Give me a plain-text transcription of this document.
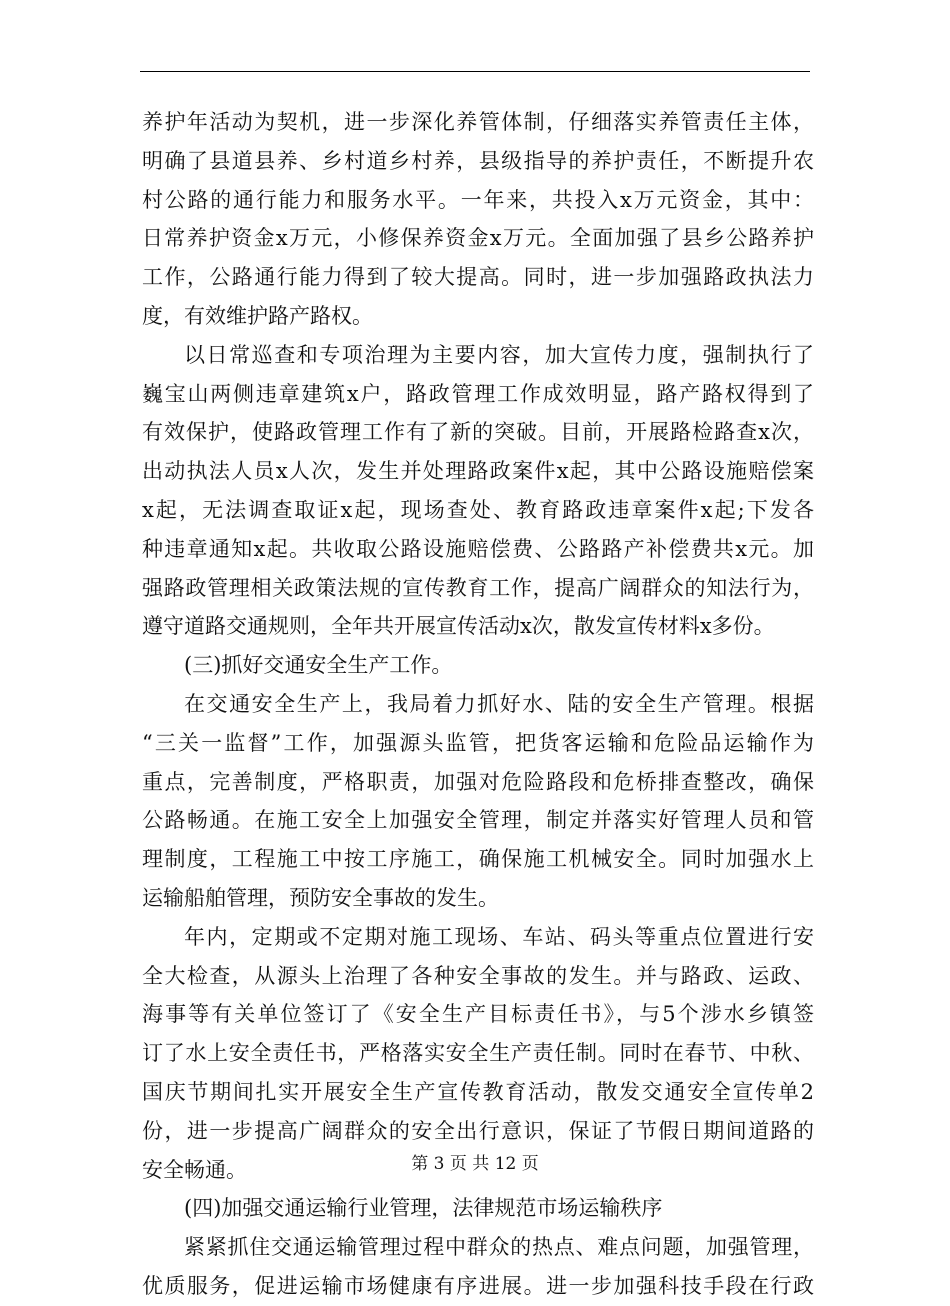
养护年活动为契机，进一步深化养管体制，仔细落实养管责任主体，
明确了县道县养、乡村道乡村养，县级指导的养护责任，不断提升农
村公路的通行能力和服务水平。一年来，共投入x万元资金，其中：
日常养护资金x万元，小修保养资金x万元。全面加强了县乡公路养护
工作，公路通行能力得到了较大提高。同时，进一步加强路政执法力
度，有效维护路产路权。
以日常巡查和专项治理为主要内容，加大宣传力度，强制执行了
巍宝山两侧违章建筑x户，路政管理工作成效明显，路产路权得到了
有效保护，使路政管理工作有了新的突破。目前，开展路检路查x次，
出动执法人员x人次，发生并处理路政案件x起，其中公路设施赔偿案
x起，无法调查取证x起，现场查处、教育路政违章案件x起;下发各
种违章通知x起。共收取公路设施赔偿费、公路路产补偿费共x元。加
强路政管理相关政策法规的宣传教育工作，提高广阔群众的知法行为，
遵守道路交通规则，全年共开展宣传活动x次，散发宣传材料x多份。
(三)抓好交通安全生产工作。
在交通安全生产上，我局着力抓好水、陆的安全生产管理。根据
“三关一监督”工作，加强源头监管，把货客运输和危险品运输作为
重点，完善制度，严格职责，加强对危险路段和危桥排查整改，确保
公路畅通。在施工安全上加强安全管理，制定并落实好管理人员和管
理制度，工程施工中按工序施工，确保施工机械安全。同时加强水上
运输船舶管理，预防安全事故的发生。
年内，定期或不定期对施工现场、车站、码头等重点位置进行安
全大检查，从源头上治理了各种安全事故的发生。并与路政、运政、
海事等有关单位签订了《安全生产目标责任书》，与5个涉水乡镇签
订了水上安全责任书，严格落实安全生产责任制。同时在春节、中秋、
国庆节期间扎实开展安全生产宣传教育活动，散发交通安全宣传单2
份，进一步提高广阔群众的安全出行意识，保证了节假日期间道路的
安全畅通。
(四)加强交通运输行业管理，法律规范市场运输秩序
紧紧抓住交通运输管理过程中群众的热点、难点问题，加强管理，
优质服务，促进运输市场健康有序进展。进一步加强科技手段在行政
第 3 页 共 12 页
